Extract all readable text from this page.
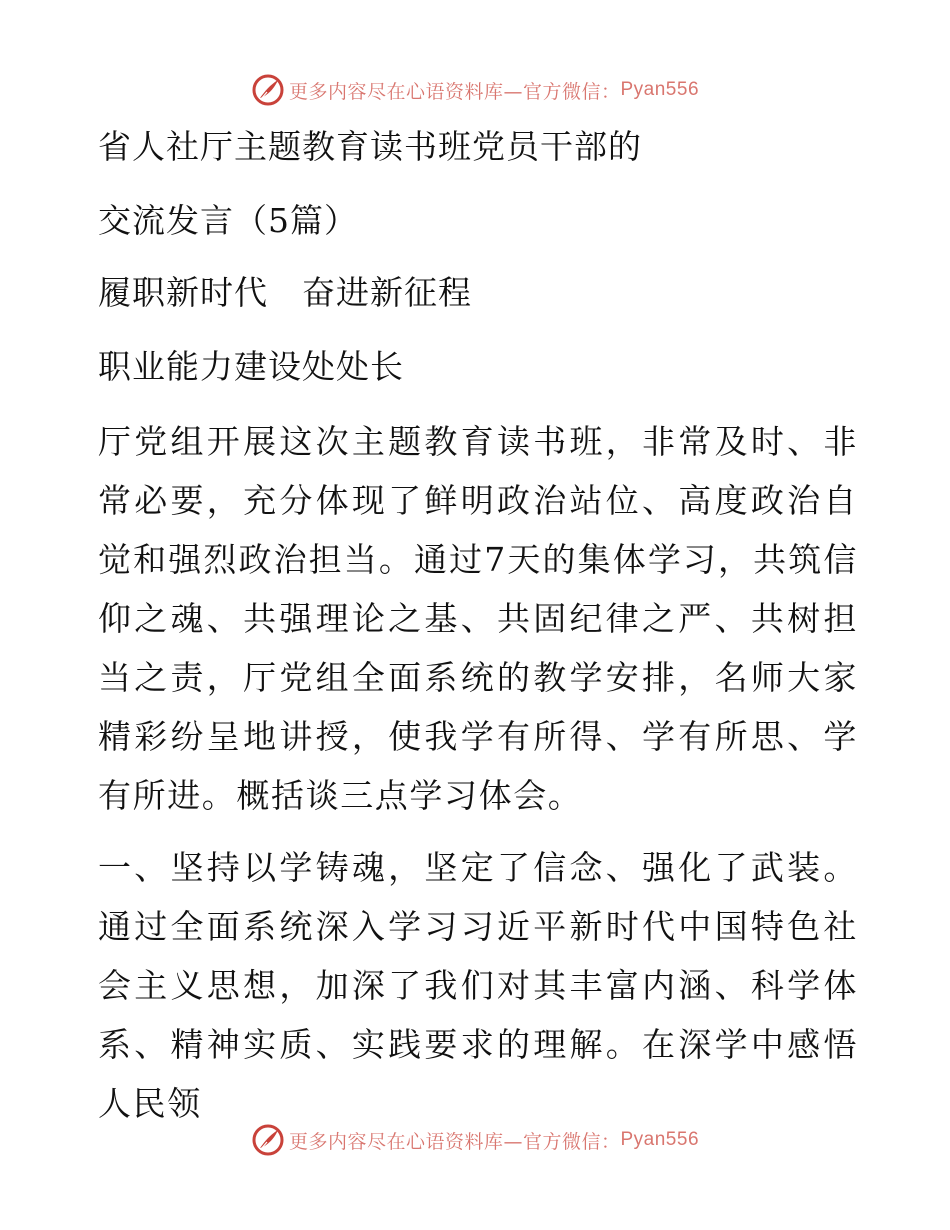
更多内容尽在心语资料库—官方微信： Pyan556
省人社厅主题教育读书班党员干部的
交流发言（5篇）
履职新时代　奋进新征程
职业能力建设处处长
厅党组开展这次主题教育读书班，非常及时、非常必要，充分体现了鲜明政治站位、高度政治自觉和强烈政治担当。通过7天的集体学习，共筑信仰之魂、共强理论之基、共固纪律之严、共树担当之责，厅党组全面系统的教学安排，名师大家精彩纷呈地讲授，使我学有所得、学有所思、学有所进。概括谈三点学习体会。
一、坚持以学铸魂，坚定了信念、强化了武装。通过全面系统深入学习习近平新时代中国特色社会主义思想，加深了我们对其丰富内涵、科学体系、精神实质、实践要求的理解。在深学中感悟人民领
更多内容尽在心语资料库—官方微信： Pyan556
